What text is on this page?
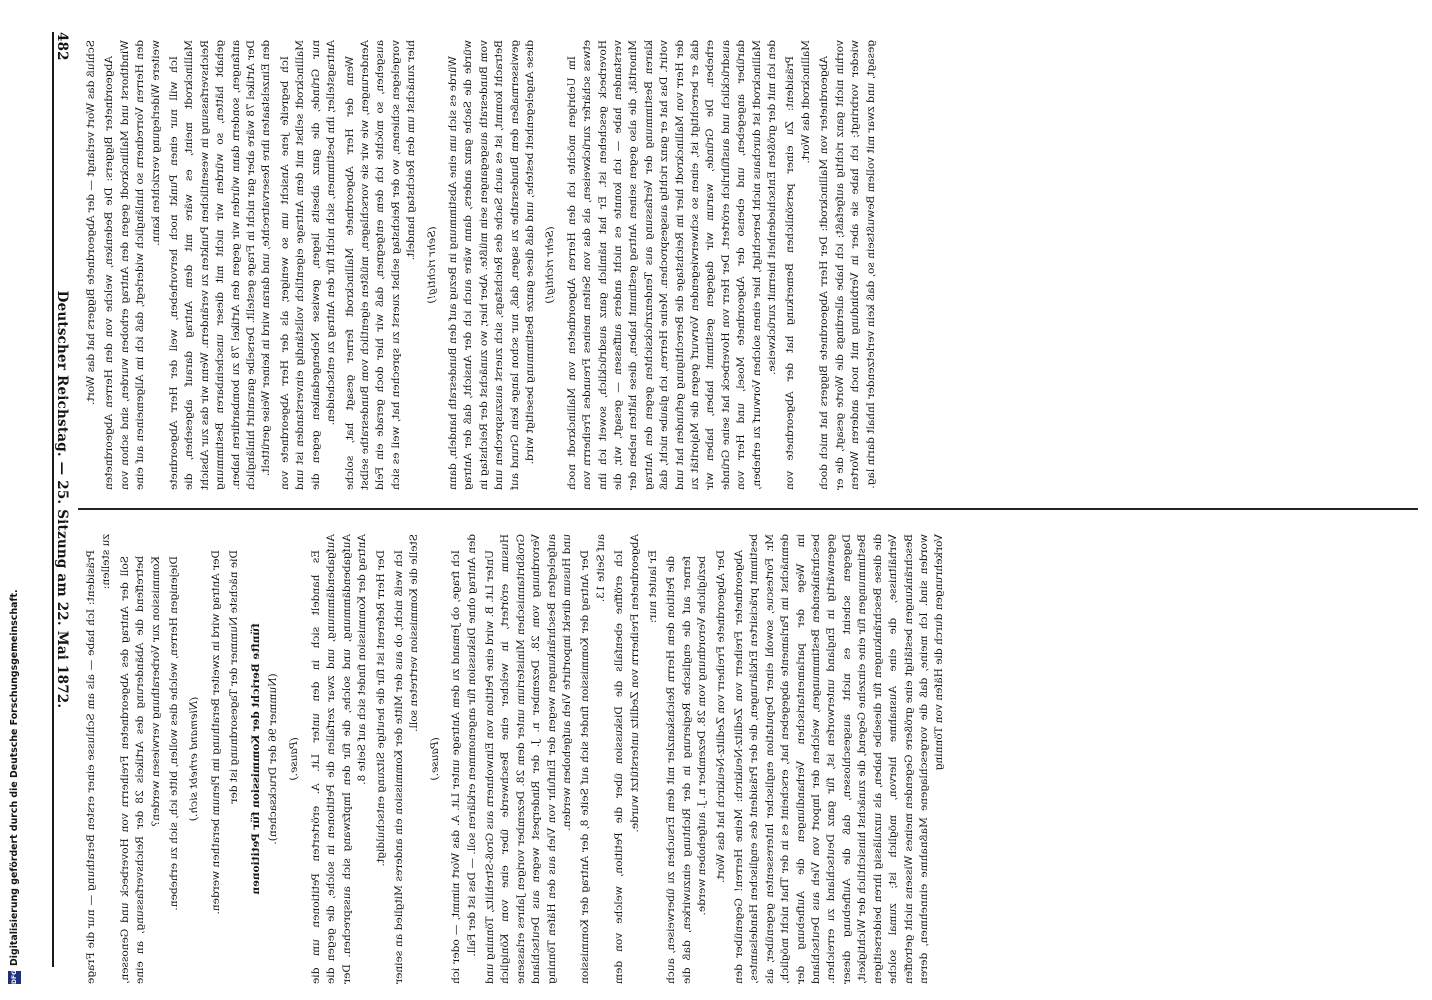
482
Deutscher Reichstag. — 25. Sitzung am 22. Mai 1872.

Schluß das Wort verlangt — der Abgeordnete Biggers hat das Wort. Abgeordneter Biggers: Die Bedenken, welche von den Herren Abgeordneten Windthorst und Mallinckrodt gegen den Antrag erhoben wurden, sind schon von den Herren Vorrednern so hinlänglich widerlegt, daß ich im Allgemeinen auf eine weitere Widerlegung verzichten kann. Ich will nur einen Punkt noch hervorheben, weil der Herr Abgeordnete Mallinckrodt meint, es wäre mit dem Antrag darauf abgesehen, die Reichsverfassung in wesentlichen Punkten zu verändern. Wenn wir das zur Absicht gehabt hätten, so würden wir nicht mit dieser unscheinbaren Bestimmung anfangen, sondern dann würden wir gegen den Artikel 78 zu bombardiren haben. Der Artikel 78 wäre aber gar nicht in Frage gestellt. Derselbe garantirt hinlänglich den Einzelstaaten ihre Reservatrechte, und daran wird in keiner Weise gerüttelt. Ich begreife jene Ansicht um so weniger, als der Herr Abgeordnete von Mallinckrodt selbst mit dem Antrage eigentlich vollständig einverstanden ist und nur Gründe, die ganz abseits liegen, gewisse Nebengedanken gegen die Antragsteller, ihn bestimmen, sich nicht für den Antrag zu entscheiden. Wenn der Herr Abgeordnete Mallinckrodt ferner gesagt hat, solche Aenderungen, wie wir sie vorschlagen, müßten eigentlich vom Bundesrathe selbst ausgehen, so möchte ich dem entgegnen, daß wir hier doch gerade ein Feld vorgelegen schienen, wo der Reichstag selbst zuerst zu sprechen hat, weil es sich hier zunächst um den Reichstag handelt.

(Sehr richtig!) Würde es sich um eine Abstimmung in Bezug auf den Bundesrath handeln, dann würde die Sache ganz anders, dann wäre auch ich der Ansicht, daß der Antrag vom Bundesrath ausgegangen sein müßte. Aber hier, wo zunächst der Reichstag in Betracht kommt, ist es auch Sache des Reichstags, sich zuerst auszusprechen und gewissermaßen dem Bundesrathe zu sagen, daß, nur schon lange kein Grund auf diese Angelegenheit bestehe, und daß diese ganze Bestimmung beseitigt wird. (Sehr richtig!) Im Uebrigen möchte ich den Herren Abgeordneten von Mallinckrodt noch etwas schärfer zurückweisen, als das von Seiten meines Freundes Freiherrn von Hoverbeck geschehen ist. Er hat nämlich ganz ausdrücklich, soweit ich ihn verstanden habe — ich konnte es nicht anders auffassen — gesagt, wir, die Minorität, die also gegen seinen Antrag gestimmt haben, diese hätten neben der klaren Bestimmung der Verfassung aus Tendenzrücksichten gegen den Antrag votirt. Das hat er ganz richtig ausgesprochen. Meine Herren, ich glaube nicht, daß der Herr von Mallinckrodt hier im Reichstage die Berechtigung gefunden hat und daß er berechtigt ist, einen so schwerwiegenden Vorwurf gegen die Majorität zu erheben. Die Gründe, warum wir dagegen gestimmt haben, haben wir ausdrücklich und ausführlich erörtert. Der Herr von Hoverbeck hat seine Gründe darüber angegeben, und ebenso der Abgeordnete Mosel, und Herr von Mallinckrodt ist durchaus nicht berechtigt, hier einen solchen Vorwurf zu erheben, den ich mit der größten Entschiedenheit hiermit zurückweise. Präsident: Zu einer persönlichen Bemerkung hat der Abgeordnete von Mallinckrodt das Wort. Abgeordneter von Mallinckrodt: Der Herr Abgeordnete Biggers hat mich doch vorhin nicht ganz richtig aufgefaßt; ich habe allerdings die Worte gesagt, die er wieder vorbringt; ich habe sie aber in Verbindung mit noch anderen Worten gesagt, und zwar mit vollem Bewußtsein so, daß kein verletzender Inhalt darin lag.

Präsident: Ich habe — als am Schlusse einer ersten Berathung — nur die Frage zu stellen: Soll der Antrag des Abgeordneten Freiherrn von Hoverbeck und Genossen, betreffend die Abänderung des Artikels 28 der Reichsverfassung, an eine Kommission zur Vorberathung verwiesen werden? Diejenigen Herren, welche dies wollen, bitte ich, sich zu erheben. (Niemand erhebt sich.) Der Antrag wird in zweiter Berathung im Plenum berathen werden. Die nächste Nummer der Tagesordnung ist der fünfte Bericht der Kommission für Petitionen (Nummer 96 der Drucksachen). (Pause.) Es handelt sich in den unter Lit. A. erörterten Petitionen um die Aufgabendämmung, und zwar zerfallen die Petitionen in solche, die gegen die Aufgabendämmung, und solche, die für den Impfzwang sich aussprechen. Der Antrag der Kommission findet sich auf Seite 8. Der Herr Referent ist für die heutige Sitzung entschuldigt. Ich weiß nicht, ob aus der Mitte der Kommission ein anderes Mitglied an seiner Stelle die Kommission vertreten soll.

(Pause.) Ich frage, ob Jemand zu dem Antrage unter Lit. A. das Wort nimmt, — oder ich den Antrag ohne Diskussion für angenommen erklären soll. — Das ist der Fall. Unter Lit. B. wird eine Petition von Einwohnern aus Groß-Strehlitz, Tönning und Husum erörtert, in welcher eine Beschwerde über eine vom Königlich Großbritannischen Ministerium unter dem 28. Dezember vorigen Jahres erlassene Verordnung vom 28. Dezember n. J. der Rinderpest wegen aus Deutschland aufgelegten Beschränkungen wegen der Einfuhr von Vieh aus den Häfen Tönning und Husum direkt importirte Vieh aufgehoben werden. Der Antrag der Kommission findet sich auf Seite 8, der Antrag der Kommission auf Seite 13. Ich eröffne ebenfalls die Diskussion über die Petition, welche von dem Abgeordneten Freiherrn von Zedlitz unterstützt wurde. Er lautet nur: die Petition dem Herrn Reichskanzler mit dem Ersuchen zu überweisen, auch ferner auf die englische Regierung in der Richtung einzuwirken, daß die bezügliche Verordnung vom 28. Dezember n. J. aufgehoben werde. Der Abgeordnete Freiherr von Zedlitz-Neukirch hat das Wort. Abgeordneter Freiherr von Zedlitz-Neukirch: Meine Herren! Gegenüber den bestimmt präcisirten Erklärungen, die der Präsident des englischen Handelsamtes, Mr. Fortescue, sowohl einer Deputation englischer Interessenten gegenüber, als demnächst im Parlamente abgegeben hat, erscheint es in der That nicht möglich, im Wege der parlamentarischen Verhandlungen die Aufhebung der beschränkenden Bestimmungen, welchen der Import von Vieh aus Deutschland gegenwärtig in England unterworfen ist, für ganz Deutschland zu erreichen. Dagegen scheint es nicht ausgeschlossen, daß die Aufhebung dieser Bestimmungen für eine einzelne Gegend, die zunächst hinsichtlich der Wichtigkeit, die diese Beschränkungen für dieselbe haben, als unzulässig ihren beiderseitigen Verhältnisse, die eine Ausnahme hiervon, möglich ist; zumal solche Beschränkungen bestätigt eine größere Gegenden meines Wissens nicht getroffen worden sind. Ich meine, daß die vorgeschlagene Maßnahme einnehmen, deren Vorkehrungen durch die Häfen von Tönning

DFG
Digitalisierung gefördert durch die Deutsche Forschungsgemeinschaft.
